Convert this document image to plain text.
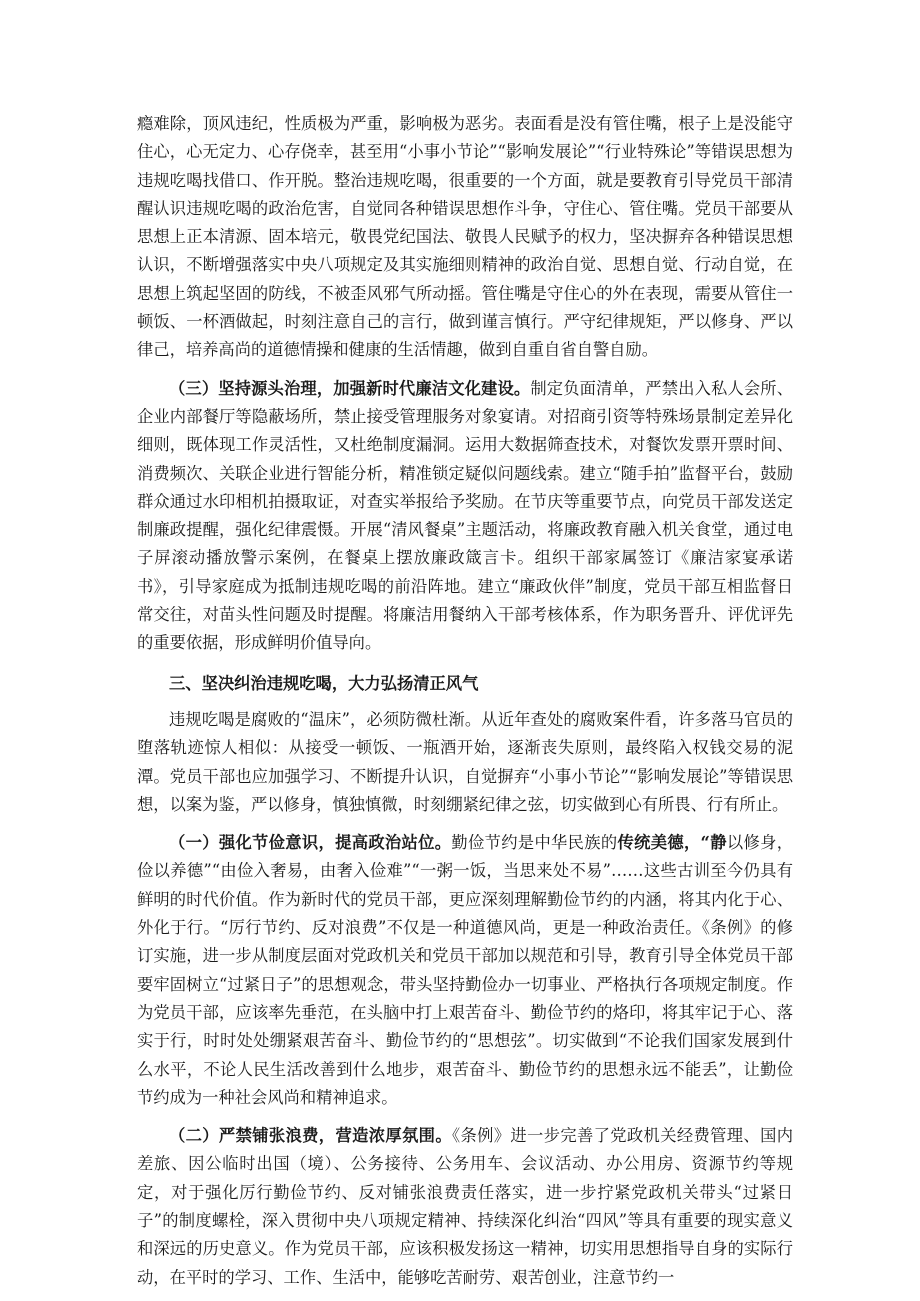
瘾难除，顶风违纪，性质极为严重，影响极为恶劣。表面看是没有管住嘴，根子上是没能守住心，心无定力、心存侥幸，甚至用“小事小节论”“影响发展论”“行业特殊论”等错误思想为违规吃喝找借口、作开脱。整治违规吃喝，很重要的一个方面，就是要教育引导党员干部清醒认识违规吃喝的政治危害，自觉同各种错误思想作斗争，守住心、管住嘴。党员干部要从思想上正本清源、固本培元，敬畏党纪国法、敬畏人民赋予的权力，坚决摒弃各种错误思想认识，不断增强落实中央八项规定及其实施细则精神的政治自觉、思想自觉、行动自觉，在思想上筑起坚固的防线，不被歪风邪气所动摇。管住嘴是守住心的外在表现，需要从管住一顿饭、一杯酒做起，时刻注意自己的言行，做到谨言慎行。严守纪律规矩，严以修身、严以律己，培养高尚的道德情操和健康的生活情趣，做到自重自省自警自励。

（三）坚持源头治理，加强新时代廉洁文化建设。制定负面清单，严禁出入私人会所、企业内部餐厅等隐蔽场所，禁止接受管理服务对象宴请。对招商引资等特殊场景制定差异化细则，既体现工作灵活性，又杜绝制度漏洞。运用大数据筛查技术，对餐饮发票开票时间、消费频次、关联企业进行智能分析，精准锁定疑似问题线索。建立“随手拍”监督平台，鼓励群众通过水印相机拍摄取证，对查实举报给予奖励。在节庆等重要节点，向党员干部发送定制廉政提醒，强化纪律震慑。开展“清风餐桌”主题活动，将廉政教育融入机关食堂，通过电子屏滚动播放警示案例，在餐桌上摆放廉政箴言卡。组织干部家属签订《廉洁家宴承诺书》，引导家庭成为抵制违规吃喝的前沿阵地。建立“廉政伙伴”制度，党员干部互相监督日常交往，对苗头性问题及时提醒。将廉洁用餐纳入干部考核体系，作为职务晋升、评优评先的重要依据，形成鲜明价值导向。

三、坚决纠治违规吃喝，大力弘扬清正风气

违规吃喝是腐败的“温床”，必须防微杜渐。从近年查处的腐败案件看，许多落马官员的堕落轨迹惊人相似：从接受一顿饭、一瓶酒开始，逐渐丧失原则，最终陷入权钱交易的泥潭。党员干部也应加强学习、不断提升认识，自觉摒弃“小事小节论”“影响发展论”等错误思想，以案为鉴，严以修身，慎独慎微，时刻绷紧纪律之弦，切实做到心有所畏、行有所止。

（一）强化节俭意识，提高政治站位。勤俭节约是中华民族的传统美德，“静以修身，俭以养德”“由俭入奢易，由奢入俭难”“一粥一饭，当思来处不易”……这些古训至今仍具有鲜明的时代价值。作为新时代的党员干部，更应深刻理解勤俭节约的内涵，将其内化于心、外化于行。“厉行节约、反对浪费”不仅是一种道德风尚，更是一种政治责任。《条例》的修订实施，进一步从制度层面对党政机关和党员干部加以规范和引导，教育引导全体党员干部要牢固树立“过紧日子”的思想观念，带头坚持勤俭办一切事业、严格执行各项规定制度。作为党员干部，应该率先垂范，在头脑中打上艰苦奋斗、勤俭节约的烙印，将其牢记于心、落实于行，时时处处绷紧艰苦奋斗、勤俭节约的“思想弦”。切实做到“不论我们国家发展到什么水平，不论人民生活改善到什么地步，艰苦奋斗、勤俭节约的思想永远不能丢”，让勤俭节约成为一种社会风尚和精神追求。

（二）严禁铺张浪费，营造浓厚氛围。《条例》进一步完善了党政机关经费管理、国内差旅、因公临时出国（境）、公务接待、公务用车、会议活动、办公用房、资源节约等规定，对于强化厉行勤俭节约、反对铺张浪费责任落实，进一步拧紧党政机关带头“过紧日子”的制度螺栓，深入贯彻中央八项规定精神、持续深化纠治“四风”等具有重要的现实意义和深远的历史意义。作为党员干部，应该积极发扬这一精神，切实用思想指导自身的实际行动，在平时的学习、工作、生活中，能够吃苦耐劳、艰苦创业，注意节约一
